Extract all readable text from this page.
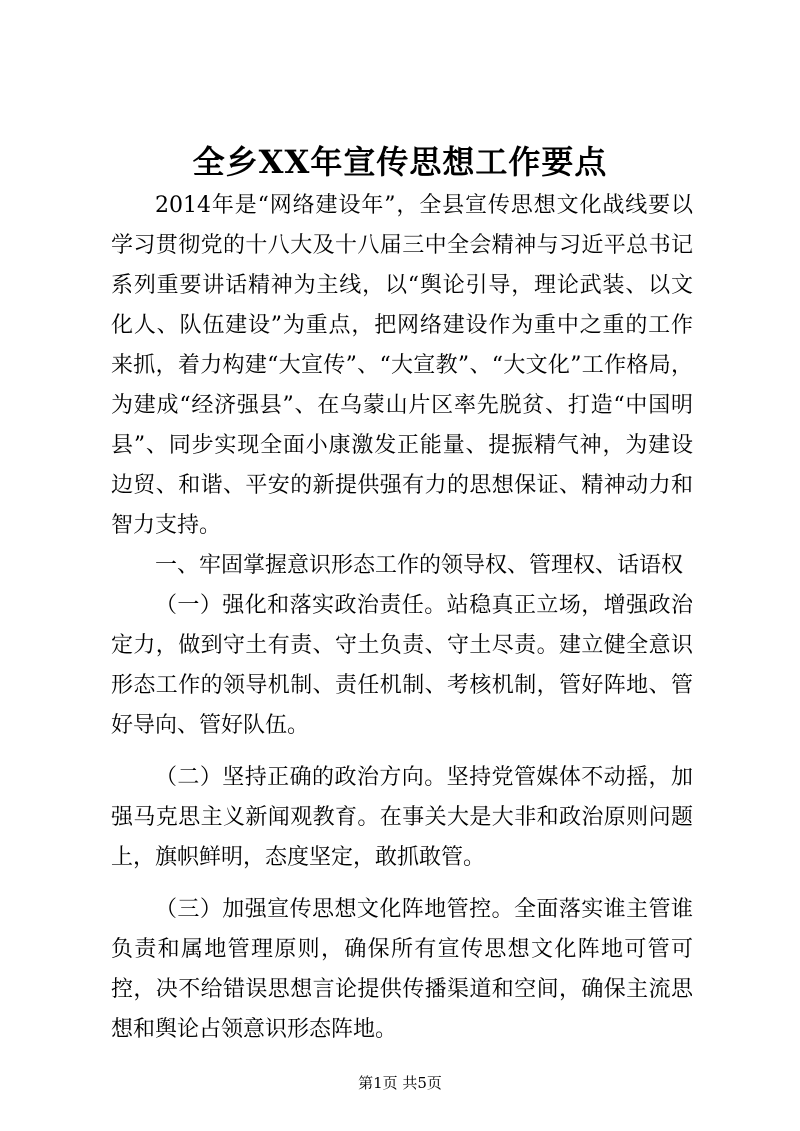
全乡XX年宣传思想工作要点

2014年是“网络建设年”，全县宣传思想文化战线要以学习贯彻党的十八大及十八届三中全会精神与习近平总书记系列重要讲话精神为主线，以“舆论引导，理论武装、以文化人、队伍建设”为重点，把网络建设作为重中之重的工作来抓，着力构建“大宣传”、“大宣教”、“大文化”工作格局，为建成“经济强县”、在乌蒙山片区率先脱贫、打造“中国明县”、同步实现全面小康激发正能量、提振精气神，为建设边贸、和谐、平安的新提供强有力的思想保证、精神动力和智力支持。

一、牢固掌握意识形态工作的领导权、管理权、话语权

（一）强化和落实政治责任。站稳真正立场，增强政治定力，做到守土有责、守土负责、守土尽责。建立健全意识形态工作的领导机制、责任机制、考核机制，管好阵地、管好导向、管好队伍。

（二）坚持正确的政治方向。坚持党管媒体不动摇，加强马克思主义新闻观教育。在事关大是大非和政治原则问题上，旗帜鲜明，态度坚定，敢抓敢管。

（三）加强宣传思想文化阵地管控。全面落实谁主管谁负责和属地管理原则，确保所有宣传思想文化阵地可管可控，决不给错误思想言论提供传播渠道和空间，确保主流思想和舆论占领意识形态阵地。

第1页 共5页
